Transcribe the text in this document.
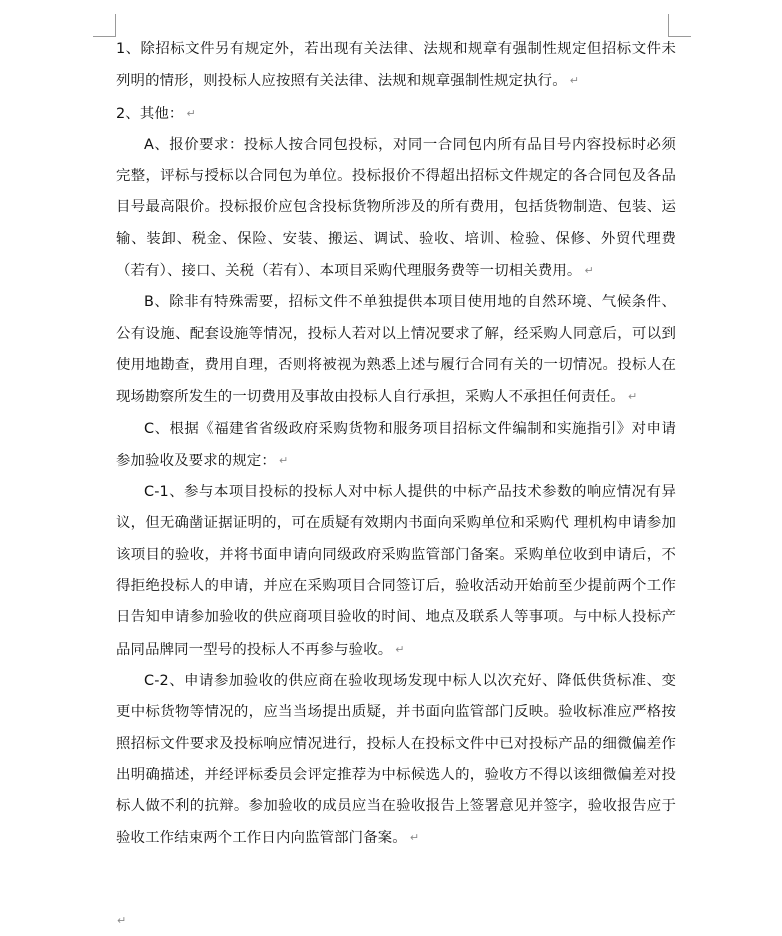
1、除招标文件另有规定外，若出现有关法律、法规和规章有强制性规定但招标文件未列明的情形，则投标人应按照有关法律、法规和规章强制性规定执行。 ↵

2、其他： ↵

A、报价要求：投标人按合同包投标，对同一合同包内所有品目号内容投标时必须完整，评标与授标以合同包为单位。投标报价不得超出招标文件规定的各合同包及各品目号最高限价。投标报价应包含投标货物所涉及的所有费用，包括货物制造、包装、运输、装卸、税金、保险、安装、搬运、调试、验收、培训、检验、保修、外贸代理费（若有）、接口、关税（若有）、本项目采购代理服务费等一切相关费用。 ↵

B、除非有特殊需要，招标文件不单独提供本项目使用地的自然环境、气候条件、公有设施、配套设施等情况，投标人若对以上情况要求了解，经采购人同意后，可以到使用地勘查，费用自理，否则将被视为熟悉上述与履行合同有关的一切情况。投标人在现场勘察所发生的一切费用及事故由投标人自行承担，采购人不承担任何责任。 ↵

C、根据《福建省省级政府采购货物和服务项目招标文件编制和实施指引》对申请参加验收及要求的规定： ↵

C-1、参与本项目投标的投标人对中标人提供的中标产品技术参数的响应情况有异议，但无确凿证据证明的，可在质疑有效期内书面向采购单位和采购代 理机构申请参加该项目的验收，并将书面申请向同级政府采购监管部门备案。采购单位收到申请后，不得拒绝投标人的申请，并应在采购项目合同签订后，验收活动开始前至少提前两个工作日告知申请参加验收的供应商项目验收的时间、地点及联系人等事项。与中标人投标产品同品牌同一型号的投标人不再参与验收。 ↵

C-2、申请参加验收的供应商在验收现场发现中标人以次充好、降低供货标准、变更中标货物等情况的，应当当场提出质疑，并书面向监管部门反映。验收标准应严格按照招标文件要求及投标响应情况进行，投标人在投标文件中已对投标产品的细微偏差作出明确描述，并经评标委员会评定推荐为中标候选人的，验收方不得以该细微偏差对投标人做不利的抗辩。参加验收的成员应当在验收报告上签署意见并签字，验收报告应于验收工作结束两个工作日内向监管部门备案。 ↵

↵
